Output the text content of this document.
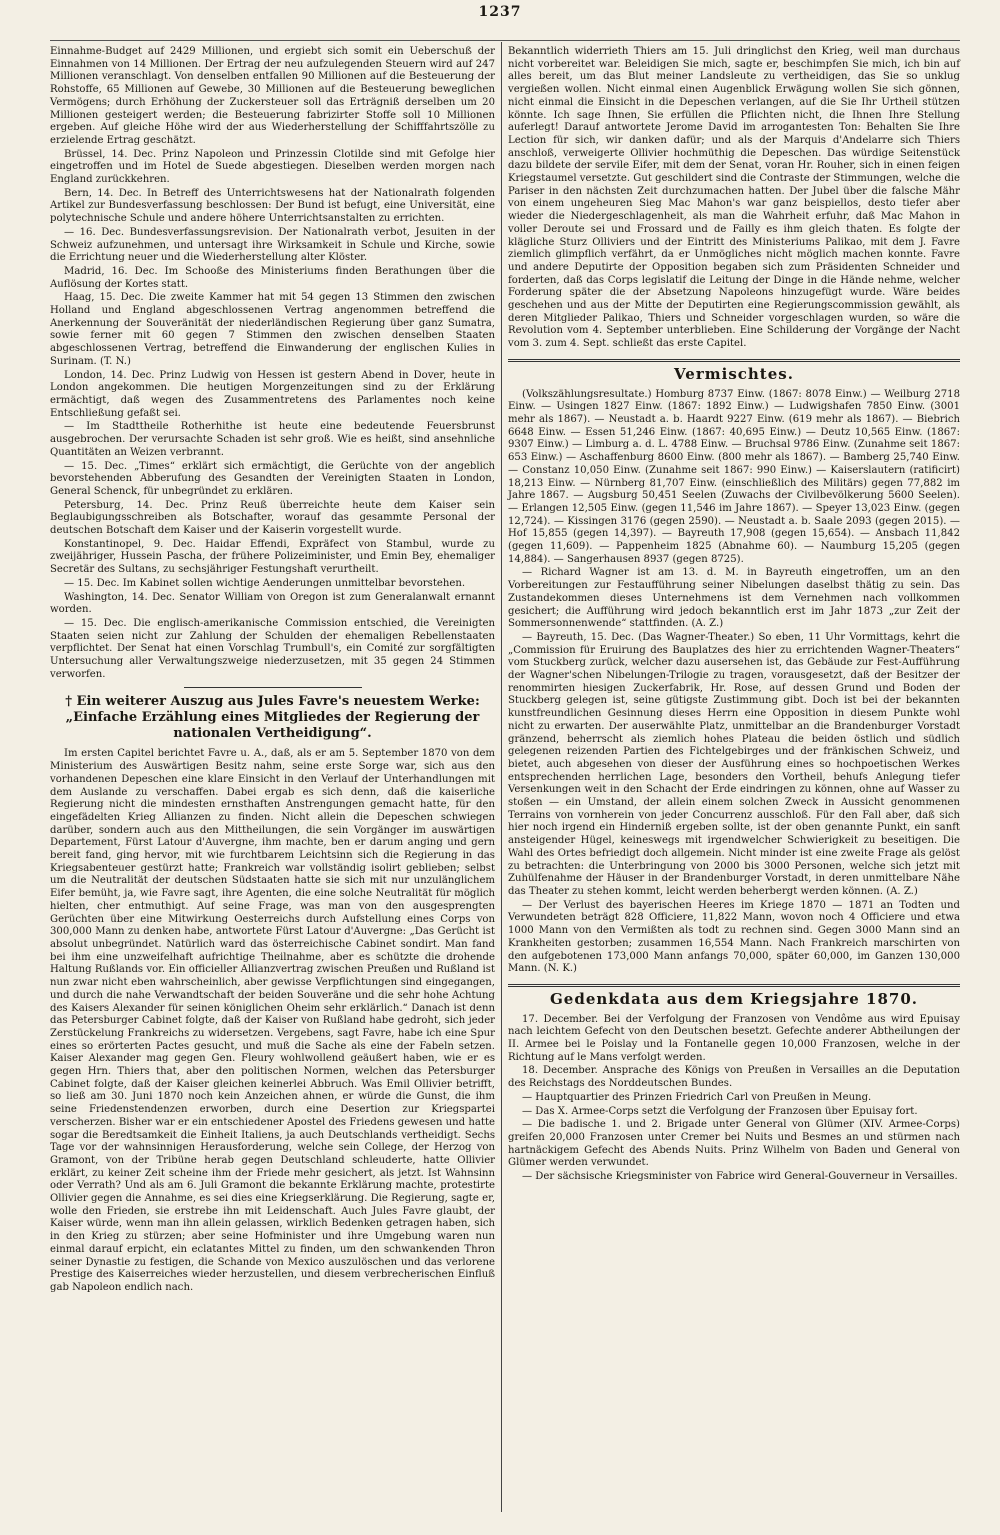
1237

Einnahme-Budget auf 2429 Millionen, und ergiebt sich somit ein Ueberschuß der Einnahmen von 14 Millionen. Der Ertrag der neu aufzulegenden Steuern wird auf 247 Millionen veranschlagt. Von denselben entfallen 90 Millionen auf die Besteuerung der Rohstoffe, 65 Millionen auf Gewebe, 30 Millionen auf die Besteuerung beweglichen Vermögens; durch Erhöhung der Zuckersteuer soll das Erträgniß derselben um 20 Millionen gesteigert werden; die Besteuerung fabrizirter Stoffe soll 10 Millionen ergeben. Auf gleiche Höhe wird der aus Wiederherstellung der Schifffahrtszölle zu erzielende Ertrag geschätzt.

Brüssel, 14. Dec. Prinz Napoleon und Prinzessin Clotilde sind mit Gefolge hier eingetroffen und im Hotel de Suede abgestiegen. Dieselben werden morgen nach England zurückkehren.

Bern, 14. Dec. In Betreff des Unterrichtswesens hat der Nationalrath folgenden Artikel zur Bundesverfassung beschlossen: Der Bund ist befugt, eine Universität, eine polytechnische Schule und andere höhere Unterrichtsanstalten zu errichten.

— 16. Dec. Bundesverfassungsrevision. Der Nationalrath verbot, Jesuiten in der Schweiz aufzunehmen, und untersagt ihre Wirksamkeit in Schule und Kirche, sowie die Errichtung neuer und die Wiederherstellung alter Klöster.

Madrid, 16. Dec. Im Schooße des Ministeriums finden Berathungen über die Auflösung der Kortes statt.

Haag, 15. Dec. Die zweite Kammer hat mit 54 gegen 13 Stimmen den zwischen Holland und England abgeschlossenen Vertrag angenommen betreffend die Anerkennung der Souveränität der niederländischen Regierung über ganz Sumatra, sowie ferner mit 60 gegen 7 Stimmen den zwischen denselben Staaten abgeschlossenen Vertrag, betreffend die Einwanderung der englischen Kulies in Surinam. (T. N.)

London, 14. Dec. Prinz Ludwig von Hessen ist gestern Abend in Dover, heute in London angekommen. Die heutigen Morgenzeitungen sind zu der Erklärung ermächtigt, daß wegen des Zusammentretens des Parlamentes noch keine Entschließung gefaßt sei.

— Im Stadttheile Rotherhithe ist heute eine bedeutende Feuersbrunst ausgebrochen. Der verursachte Schaden ist sehr groß. Wie es heißt, sind ansehnliche Quantitäten an Weizen verbrannt.

— 15. Dec. „Times“ erklärt sich ermächtigt, die Gerüchte von der angeblich bevorstehenden Abberufung des Gesandten der Vereinigten Staaten in London, General Schenck, für unbegründet zu erklären.

Petersburg, 14. Dec. Prinz Reuß überreichte heute dem Kaiser sein Beglaubigungsschreiben als Botschafter, worauf das gesammte Personal der deutschen Botschaft dem Kaiser und der Kaiserin vorgestellt wurde.

Konstantinopel, 9. Dec. Haidar Effendi, Expräfect von Stambul, wurde zu zweijähriger, Hussein Pascha, der frühere Polizeiminister, und Emin Bey, ehemaliger Secretär des Sultans, zu sechsjähriger Festungshaft verurtheilt.

— 15. Dec. Im Kabinet sollen wichtige Aenderungen unmittelbar bevorstehen.

Washington, 14. Dec. Senator William von Oregon ist zum Generalanwalt ernannt worden.

— 15. Dec. Die englisch-amerikanische Commission entschied, die Vereinigten Staaten seien nicht zur Zahlung der Schulden der ehemaligen Rebellenstaaten verpflichtet. Der Senat hat einen Vorschlag Trumbull's, ein Comité zur sorgfältigten Untersuchung aller Verwaltungszweige niederzusetzen, mit 35 gegen 24 Stimmen verworfen.

† Ein weiterer Auszug aus Jules Favre's neuestem Werke: „Einfache Erzählung eines Mitgliedes der Regierung der nationalen Vertheidigung“.

Im ersten Capitel berichtet Favre u. A., daß, als er am 5. September 1870 von dem Ministerium des Auswärtigen Besitz nahm, seine erste Sorge war, sich aus den vorhandenen Depeschen eine klare Einsicht in den Verlauf der Unterhandlungen mit dem Auslande zu verschaffen. Dabei ergab es sich denn, daß die kaiserliche Regierung nicht die mindesten ernsthaften Anstrengungen gemacht hatte, für den eingefädelten Krieg Allianzen zu finden. Nicht allein die Depeschen schwiegen darüber, sondern auch aus den Mittheilungen, die sein Vorgänger im auswärtigen Departement, Fürst Latour d'Auvergne, ihm machte, ben er darum anging und gern bereit fand, ging hervor, mit wie furchtbarem Leichtsinn sich die Regierung in das Kriegsabenteuer gestürzt hatte; Frankreich war vollständig isolirt geblieben; selbst um die Neutralität der deutschen Südstaaten hatte sie sich mit nur unzulänglichem Eifer bemüht, ja, wie Favre sagt, ihre Agenten, die eine solche Neutralität für möglich hielten, cher entmuthigt. Auf seine Frage, was man von den ausgesprengten Gerüchten über eine Mitwirkung Oesterreichs durch Aufstellung eines Corps von 300,000 Mann zu denken habe, antwortete Fürst Latour d'Auvergne: „Das Gerücht ist absolut unbegründet. Natürlich ward das österreichische Cabinet sondirt. Man fand bei ihm eine unzweifelhaft aufrichtige Theilnahme, aber es schützte die drohende Haltung Rußlands vor. Ein officieller Allianzvertrag zwischen Preußen und Rußland ist nun zwar nicht eben wahrscheinlich, aber gewisse Verpflichtungen sind eingegangen, und durch die nahe Verwandtschaft der beiden Souveräne und die sehr hohe Achtung des Kaisers Alexander für seinen königlichen Oheim sehr erklärlich.“ Danach ist denn das Petersburger Cabinet folgte, daß der Kaiser von Rußland habe gedroht, sich jeder Zerstückelung Frankreichs zu widersetzen. Vergebens, sagt Favre, habe ich eine Spur eines so erörterten Pactes gesucht, und muß die Sache als eine der Fabeln setzen. Kaiser Alexander mag gegen Gen. Fleury wohlwollend geäußert haben, wie er es gegen Hrn. Thiers that, aber den politischen Normen, welchen das Petersburger Cabinet folgte, daß der Kaiser gleichen keinerlei Abbruch. Was Emil Ollivier betrifft, so ließ am 30. Juni 1870 noch kein Anzeichen ahnen, er würde die Gunst, die ihm seine Friedenstendenzen erworben, durch eine Desertion zur Kriegspartei verscherzen. Bisher war er ein entschiedener Apostel des Friedens gewesen und hatte sogar die Beredtsamkeit die Einheit Italiens, ja auch Deutschlands vertheidigt. Sechs Tage vor der wahnsinnigen Herausforderung, welche sein College, der Herzog von Gramont, von der Tribüne herab gegen Deutschland schleuderte, hatte Ollivier erklärt, zu keiner Zeit scheine ihm der Friede mehr gesichert, als jetzt. Ist Wahnsinn oder Verrath? Und als am 6. Juli Gramont die bekannte Erklärung machte, protestirte Ollivier gegen die Annahme, es sei dies eine Kriegserklärung. Die Regierung, sagte er, wolle den Frieden, sie erstrebe ihn mit Leidenschaft. Auch Jules Favre glaubt, der Kaiser würde, wenn man ihn allein gelassen, wirklich Bedenken getragen haben, sich in den Krieg zu stürzen; aber seine Hofminister und ihre Umgebung waren nun einmal darauf erpicht, ein eclatantes Mittel zu finden, um den schwankenden Thron seiner Dynastie zu festigen, die Schande von Mexico auszulöschen und das verlorene Prestige des Kaiserreiches wieder herzustellen, und diesem verbrecherischen Einfluß gab Napoleon endlich nach.

Bekanntlich widerrieth Thiers am 15. Juli dringlichst den Krieg, weil man durchaus nicht vorbereitet war. Beleidigen Sie mich, sagte er, beschimpfen Sie mich, ich bin auf alles bereit, um das Blut meiner Landsleute zu vertheidigen, das Sie so unklug vergießen wollen. Nicht einmal einen Augenblick Erwägung wollen Sie sich gönnen, nicht einmal die Einsicht in die Depeschen verlangen, auf die Sie Ihr Urtheil stützen könnte. Ich sage Ihnen, Sie erfüllen die Pflichten nicht, die Ihnen Ihre Stellung auferlegt! Darauf antwortete Jerome David im arrogantesten Ton: Behalten Sie Ihre Lection für sich, wir danken dafür; und als der Marquis d'Andelarre sich Thiers anschloß, verweigerte Ollivier hochmüthig die Depeschen. Das würdige Seitenstück dazu bildete der servile Eifer, mit dem der Senat, voran Hr. Rouher, sich in einen feigen Kriegstaumel versetzte. Gut geschildert sind die Contraste der Stimmungen, welche die Pariser in den nächsten Zeit durchzumachen hatten. Der Jubel über die falsche Mähr von einem ungeheuren Sieg Mac Mahon's war ganz beispiellos, desto tiefer aber wieder die Niedergeschlagenheit, als man die Wahrheit erfuhr, daß Mac Mahon in voller Deroute sei und Frossard und de Failly es ihm gleich thaten. Es folgte der klägliche Sturz Olliviers und der Eintritt des Ministeriums Palikao, mit dem J. Favre ziemlich glimpflich verfährt, da er Unmögliches nicht möglich machen konnte. Favre und andere Deputirte der Opposition begaben sich zum Präsidenten Schneider und forderten, daß das Corps legislatif die Leitung der Dinge in die Hände nehme, welcher Forderung später die der Absetzung Napoleons hinzugefügt wurde. Wäre beides geschehen und aus der Mitte der Deputirten eine Regierungscommission gewählt, als deren Mitglieder Palikao, Thiers und Schneider vorgeschlagen wurden, so wäre die Revolution vom 4. September unterblieben. Eine Schilderung der Vorgänge der Nacht vom 3. zum 4. Sept. schließt das erste Capitel.

Vermischtes.

(Volkszählungsresultate.) Homburg 8737 Einw. (1867: 8078 Einw.) — Weilburg 2718 Einw. — Usingen 1827 Einw. (1867: 1892 Einw.) — Ludwigshafen 7850 Einw. (3001 mehr als 1867). — Neustadt a. b. Haardt 9227 Einw. (619 mehr als 1867). — Biebrich 6648 Einw. — Essen 51,246 Einw. (1867: 40,695 Einw.) — Deutz 10,565 Einw. (1867: 9307 Einw.) — Limburg a. d. L. 4788 Einw. — Bruchsal 9786 Einw. (Zunahme seit 1867: 653 Einw.) — Aschaffenburg 8600 Einw. (800 mehr als 1867). — Bamberg 25,740 Einw. — Constanz 10,050 Einw. (Zunahme seit 1867: 990 Einw.) — Kaiserslautern (ratificirt) 18,213 Einw. — Nürnberg 81,707 Einw. (einschließlich des Militärs) gegen 77,882 im Jahre 1867. — Augsburg 50,451 Seelen (Zuwachs der Civilbevölkerung 5600 Seelen). — Erlangen 12,505 Einw. (gegen 11,546 im Jahre 1867). — Speyer 13,023 Einw. (gegen 12,724). — Kissingen 3176 (gegen 2590). — Neustadt a. b. Saale 2093 (gegen 2015). — Hof 15,855 (gegen 14,397). — Bayreuth 17,908 (gegen 15,654). — Ansbach 11,842 (gegen 11,609). — Pappenheim 1825 (Abnahme 60). — Naumburg 15,205 (gegen 14,884). — Sangerhausen 8937 (gegen 8725).

— Richard Wagner ist am 13. d. M. in Bayreuth eingetroffen, um an den Vorbereitungen zur Festaufführung seiner Nibelungen daselbst thätig zu sein. Das Zustandekommen dieses Unternehmens ist dem Vernehmen nach vollkommen gesichert; die Aufführung wird jedoch bekanntlich erst im Jahr 1873 „zur Zeit der Sommersonnenwende“ stattfinden. (A. Z.)

— Bayreuth, 15. Dec. (Das Wagner-Theater.) So eben, 11 Uhr Vormittags, kehrt die „Commission für Eruirung des Bauplatzes des hier zu errichtenden Wagner-Theaters“ vom Stuckberg zurück, welcher dazu ausersehen ist, das Gebäude zur Fest-Aufführung der Wagner'schen Nibelungen-Trilogie zu tragen, vorausgesetzt, daß der Besitzer der renommirten hiesigen Zuckerfabrik, Hr. Rose, auf dessen Grund und Boden der Stuckberg gelegen ist, seine gütigste Zustimmung gibt. Doch ist bei der bekannten kunstfreundlichen Gesinnung dieses Herrn eine Opposition in diesem Punkte wohl nicht zu erwarten. Der auserwählte Platz, unmittelbar an die Brandenburger Vorstadt gränzend, beherrscht als ziemlich hohes Plateau die beiden östlich und südlich gelegenen reizenden Partien des Fichtelgebirges und der fränkischen Schweiz, und bietet, auch abgesehen von dieser der Ausführung eines so hochpoetischen Werkes entsprechenden herrlichen Lage, besonders den Vortheil, behufs Anlegung tiefer Versenkungen weit in den Schacht der Erde eindringen zu können, ohne auf Wasser zu stoßen — ein Umstand, der allein einem solchen Zweck in Aussicht genommenen Terrains von vornherein von jeder Concurrenz ausschloß. Für den Fall aber, daß sich hier noch irgend ein Hinderniß ergeben sollte, ist der oben genannte Punkt, ein sanft ansteigender Hügel, keineswegs mit irgendwelcher Schwierigkeit zu beseitigen. Die Wahl des Ortes befriedigt doch allgemein. Nicht minder ist eine zweite Frage als gelöst zu betrachten: die Unterbringung von 2000 bis 3000 Personen, welche sich jetzt mit Zuhülfenahme der Häuser in der Brandenburger Vorstadt, in deren unmittelbare Nähe das Theater zu stehen kommt, leicht werden beherbergt werden können. (A. Z.)

— Der Verlust des bayerischen Heeres im Kriege 1870 — 1871 an Todten und Verwundeten beträgt 828 Officiere, 11,822 Mann, wovon noch 4 Officiere und etwa 1000 Mann von den Vermißten als todt zu rechnen sind. Gegen 3000 Mann sind an Krankheiten gestorben; zusammen 16,554 Mann. Nach Frankreich marschirten von den aufgebotenen 173,000 Mann anfangs 70,000, später 60,000, im Ganzen 130,000 Mann. (N. K.)

Gedenkdata aus dem Kriegsjahre 1870.

17. December. Bei der Verfolgung der Franzosen von Vendôme aus wird Epuisay nach leichtem Gefecht von den Deutschen besetzt. Gefechte anderer Abtheilungen der II. Armee bei le Poislay und la Fontanelle gegen 10,000 Franzosen, welche in der Richtung auf le Mans verfolgt werden.

18. December. Ansprache des Königs von Preußen in Versailles an die Deputation des Reichstags des Norddeutschen Bundes.

— Hauptquartier des Prinzen Friedrich Carl von Preußen in Meung.

— Das X. Armee-Corps setzt die Verfolgung der Franzosen über Epuisay fort.

— Die badische 1. und 2. Brigade unter General von Glümer (XIV. Armee-Corps) greifen 20,000 Franzosen unter Cremer bei Nuits und Besmes an und stürmen nach hartnäckigem Gefecht des Abends Nuits. Prinz Wilhelm von Baden und General von Glümer werden verwundet.

— Der sächsische Kriegsminister von Fabrice wird General-Gouverneur in Versailles.
